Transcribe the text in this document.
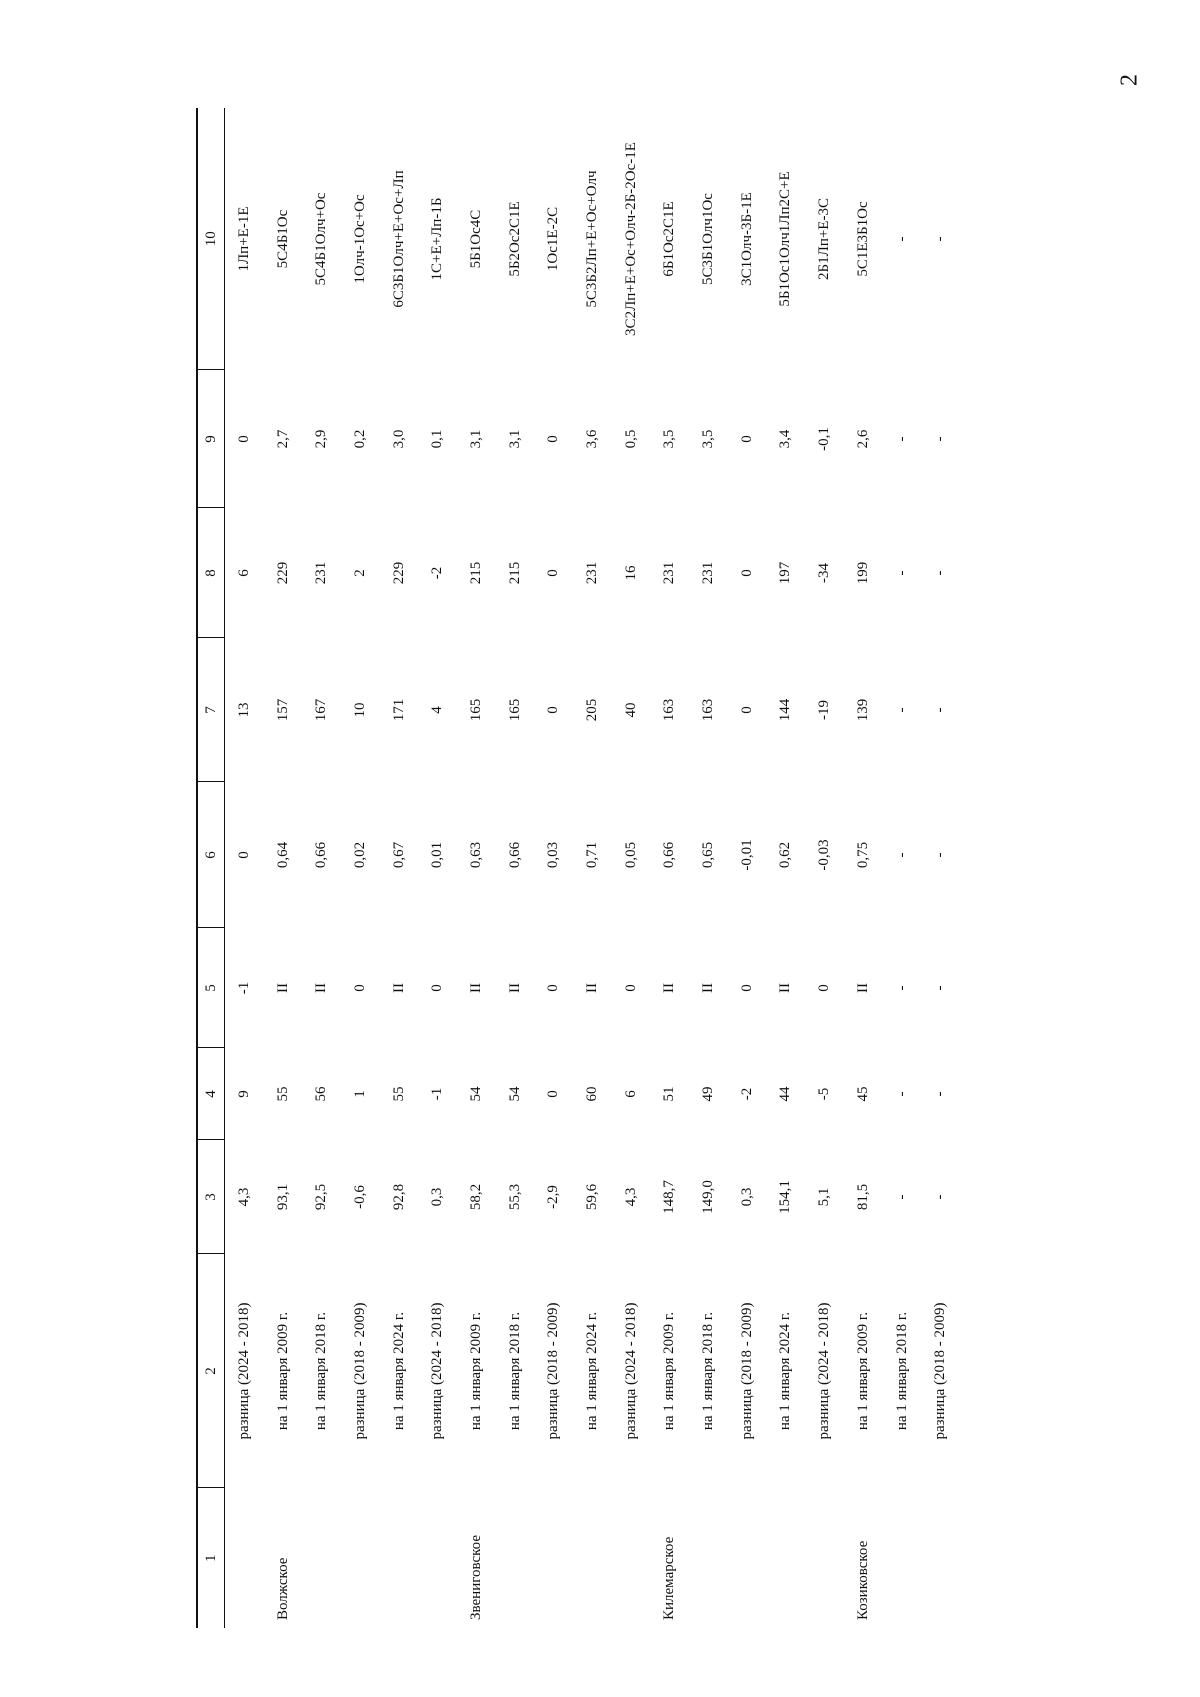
2
1	2	3	4	5	6	7	8	9	10
	разница (2024 - 2018)	4,3	9	-1	0	13	6	0	1Лп+Е-1Е
Волжское	на 1 января 2009 г.	93,1	55	II	0,64	157	229	2,7	5С4Б1Ос
	на 1 января 2018 г.	92,5	56	II	0,66	167	231	2,9	5С4Б1Олч+Ос
	разница (2018 - 2009)	-0,6	1	0	0,02	10	2	0,2	1Олч-1Ос+Ос
	на 1 января 2024 г.	92,8	55	II	0,67	171	229	3,0	6С3Б1Олч+Е+Ос+Лп
	разница (2024 - 2018)	0,3	-1	0	0,01	4	-2	0,1	1С+Е+Лп-1Б
Звениговское	на 1 января 2009 г.	58,2	54	II	0,63	165	215	3,1	5Б1Ос4С
	на 1 января 2018 г.	55,3	54	II	0,66	165	215	3,1	5Б2Ос2С1Е
	разница (2018 - 2009)	-2,9	0	0	0,03	0	0	0	1Ос1Е-2С
	на 1 января 2024 г.	59,6	60	II	0,71	205	231	3,6	5С3Б2Лп+Е+Ос+Олч
	разница (2024 - 2018)	4,3	6	0	0,05	40	16	0,5	3С2Лп+Е+Ос+Олч-2Б-2Ос-1Е
Килемарское	на 1 января 2009 г.	148,7	51	II	0,66	163	231	3,5	6Б1Ос2С1Е
	на 1 января 2018 г.	149,0	49	II	0,65	163	231	3,5	5С3Б1Олч1Ос
	разница (2018 - 2009)	0,3	-2	0	-0,01	0	0	0	3С1Олч-3Б-1Е
	на 1 января 2024 г.	154,1	44	II	0,62	144	197	3,4	5Б1Ос1Олч1Лп2С+Е
	разница (2024 - 2018)	5,1	-5	0	-0,03	-19	-34	-0,1	2Б1Лп+Е-3С
Козиковское	на 1 января 2009 г.	81,5	45	II	0,75	139	199	2,6	5С1Е3Б1Ос
	на 1 января 2018 г.	-	-	-	-	-	-	-	-
	разница (2018 - 2009)	-	-	-	-	-	-	-	-
